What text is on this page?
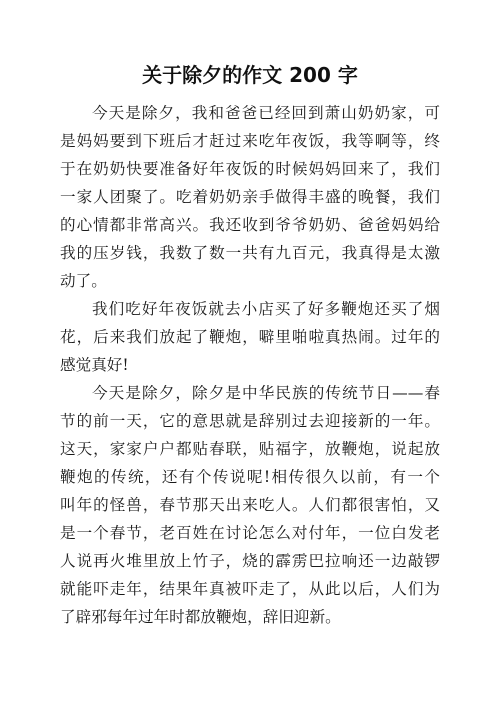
关于除夕的作文 200 字
今天是除夕，我和爸爸已经回到萧山奶奶家，可
是妈妈要到下班后才赶过来吃年夜饭，我等啊等，终
于在奶奶快要准备好年夜饭的时候妈妈回来了，我们
一家人团聚了。吃着奶奶亲手做得丰盛的晚餐，我们
的心情都非常高兴。我还收到爷爷奶奶、爸爸妈妈给
我的压岁钱，我数了数一共有九百元，我真得是太激
动了。
我们吃好年夜饭就去小店买了好多鞭炮还买了烟
花，后来我们放起了鞭炮，噼里啪啦真热闹。过年的
感觉真好!
今天是除夕，除夕是中华民族的传统节日——春
节的前一天，它的意思就是辞别过去迎接新的一年。
这天，家家户户都贴春联，贴福字，放鞭炮，说起放
鞭炮的传统，还有个传说呢!相传很久以前，有一个
叫年的怪兽，春节那天出来吃人。人们都很害怕，又
是一个春节，老百姓在讨论怎么对付年，一位白发老
人说再火堆里放上竹子，烧的霹雳巴拉响还一边敲锣
就能吓走年，结果年真被吓走了，从此以后，人们为
了辟邪每年过年时都放鞭炮，辞旧迎新。
